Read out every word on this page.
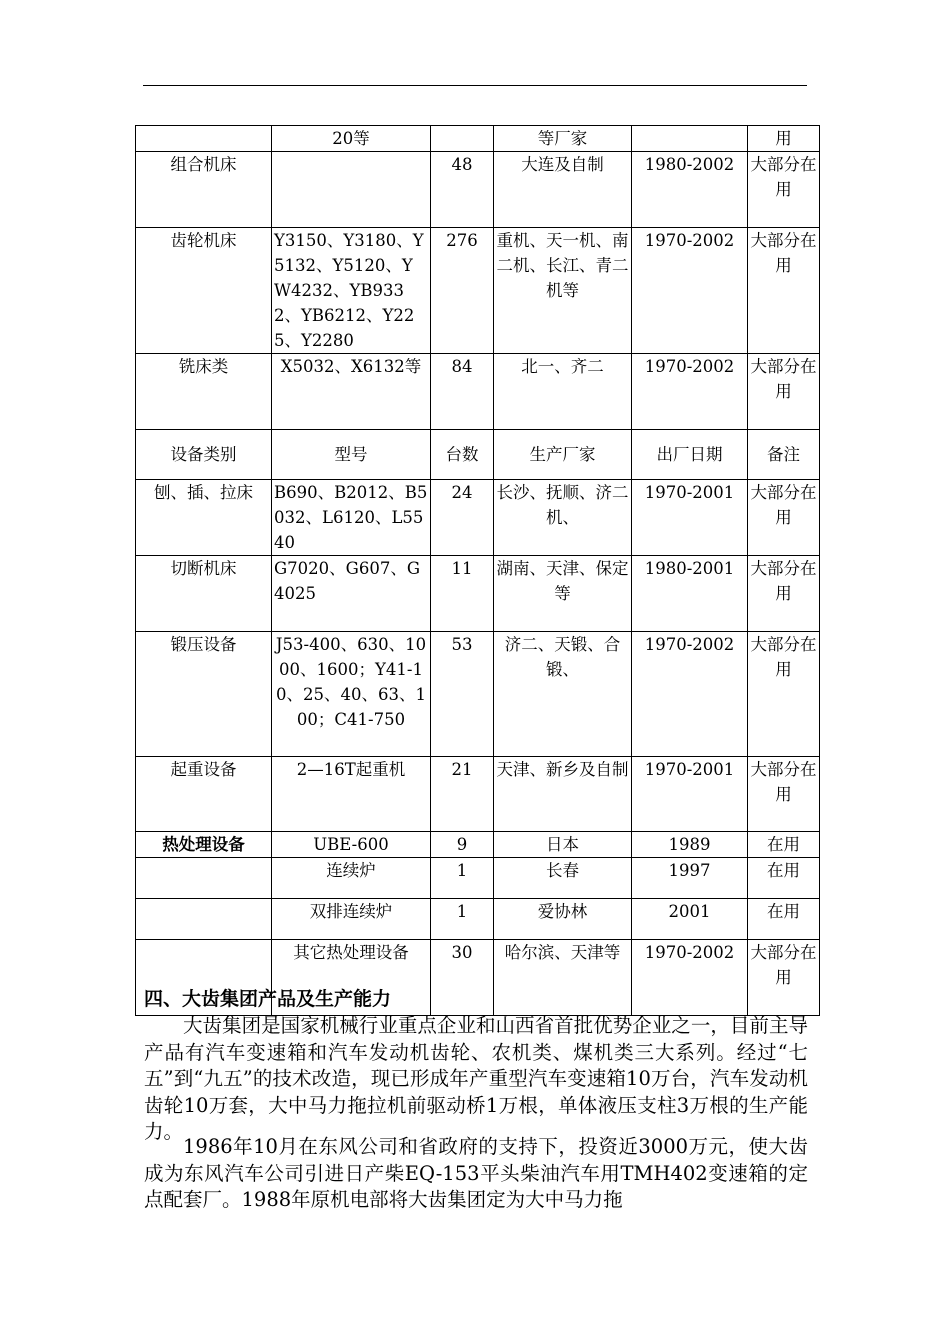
	20等		等厂家		用
组合机床		48	大连及自制	1980-2002	大部分在用
齿轮机床	Y3150、Y3180、Y5132、Y5120、YW4232、YB9332、YB6212、Y225、Y2280	276	重机、天一机、南二机、长江、青二机等	1970-2002	大部分在用
铣床类	X5032、X6132等	84	北一、齐二	1970-2002	大部分在用
设备类别	型号	台数	生产厂家	出厂日期	备注
刨、插、拉床	B690、B2012、B5032、L6120、L5540	24	长沙、抚顺、济二机、	1970-2001	大部分在用
切断机床	G7020、G607、G4025	11	湖南、天津、保定等	1980-2001	大部分在用
锻压设备	J53-400、630、1000、1600；Y41-10、25、40、63、100；C41-750	53	济二、天锻、合锻、	1970-2002	大部分在用
起重设备	2—16T起重机	21	天津、新乡及自制	1970-2001	大部分在用
热处理设备	UBE-600	9	日本	1989	在用
	连续炉	1	长春	1997	在用
	双排连续炉	1	爱协林	2001	在用
	其它热处理设备	30	哈尔滨、天津等	1970-2002	大部分在用
四、大齿集团产品及生产能力

大齿集团是国家机械行业重点企业和山西省首批优势企业之一，目前主导产品有汽车变速箱和汽车发动机齿轮、农机类、煤机类三大系列。经过“七五”到“九五”的技术改造，现已形成年产重型汽车变速箱10万台，汽车发动机齿轮10万套，大中马力拖拉机前驱动桥1万根，单体液压支柱3万根的生产能力。

1986年10月在东风公司和省政府的支持下，投资近3000万元，使大齿成为东风汽车公司引进日产柴EQ-153平头柴油汽车用TMH402变速箱的定点配套厂。1988年原机电部将大齿集团定为大中马力拖
